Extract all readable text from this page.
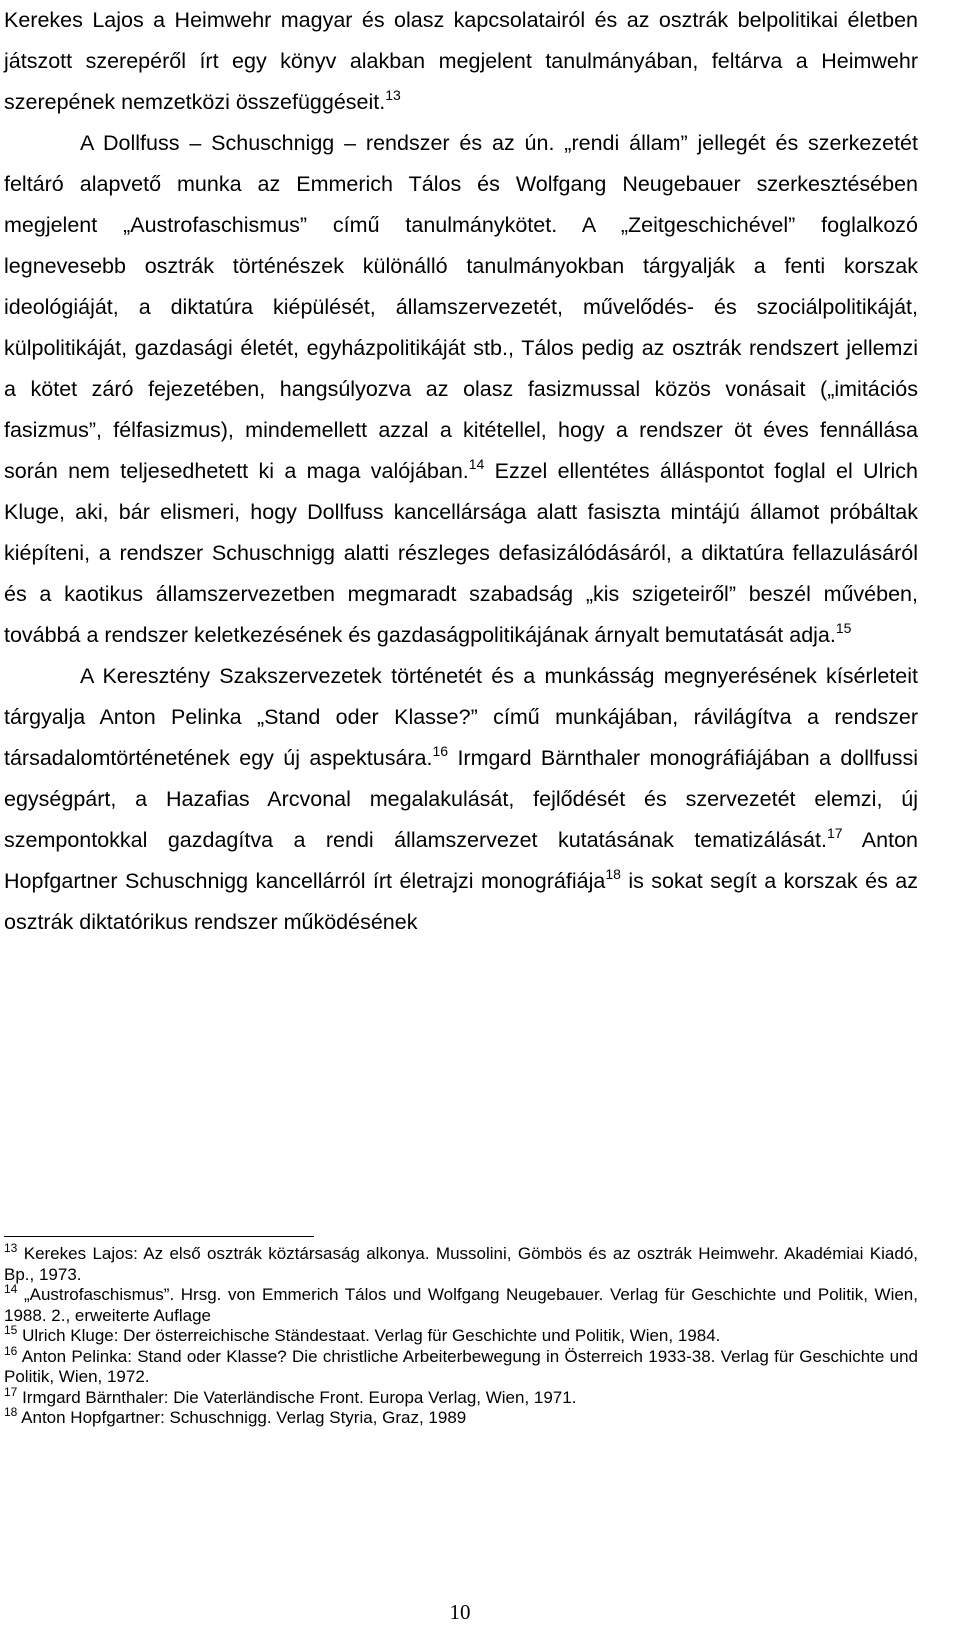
Kerekes Lajos a Heimwehr magyar és olasz kapcsolatairól és az osztrák belpolitikai életben játszott szerepéről írt egy könyv alakban megjelent tanulmányában, feltárva a Heimwehr szerepének nemzetközi összefüggéseit.$^{13}$

A Dollfuss – Schuschnigg – rendszer és az ún. „rendi állam” jellegét és szerkezetét feltáró alapvető munka az Emmerich Tálos és Wolfgang Neugebauer szerkesztésében megjelent „Austrofaschismus” című tanulmánykötet. A „Zeitgeschichével” foglalkozó legnevesebb osztrák történészek különálló tanulmányokban tárgyalják a fenti korszak ideológiáját, a diktatúra kiépülését, államszervezetét, művelődés- és szociálpolitikáját, külpolitikáját, gazdasági életét, egyházpolitikáját stb., Tálos pedig az osztrák rendszert jellemzi a kötet záró fejezetében, hangsúlyozva az olasz fasizmussal közös vonásait („imitációs fasizmus”, félfasizmus), mindemellett azzal a kitétellel, hogy a rendszer öt éves fennállása során nem teljesedhetett ki a maga valójában.$^{14}$ Ezzel ellentétes álláspontot foglal el Ulrich Kluge, aki, bár elismeri, hogy Dollfuss kancellársága alatt fasiszta mintájú államot próbáltak kiépíteni, a rendszer Schuschnigg alatti részleges defasizálódásáról, a diktatúra fellazulásáról és a kaotikus államszervezetben megmaradt szabadság „kis szigeteiről” beszél művében, továbbá a rendszer keletkezésének és gazdaságpolitikájának árnyalt bemutatását adja.$^{15}$

A Keresztény Szakszervezetek történetét és a munkásság megnyerésének kísérleteit tárgyalja Anton Pelinka „Stand oder Klasse?” című munkájában, rávilágítva a rendszer társadalomtörténetének egy új aspektusára.$^{16}$ Irmgard Bärnthaler monográfiájában a dollfussi egységpárt, a Hazafias Arcvonal megalakulását, fejlődését és szervezetét elemzi, új szempontokkal gazdagítva a rendi államszervezet kutatásának tematizálását.$^{17}$ Anton Hopfgartner Schuschnigg kancellárról írt életrajzi monográfiája$^{18}$ is sokat segít a korszak és az osztrák diktatórikus rendszer működésének

$^{13}$ Kerekes Lajos: Az első osztrák köztársaság alkonya. Mussolini, Gömbös és az osztrák Heimwehr. Akadémiai Kiadó, Bp., 1973.

$^{14}$ „Austrofaschismus”. Hrsg. von Emmerich Tálos und Wolfgang Neugebauer. Verlag für Geschichte und Politik, Wien, 1988. 2., erweiterte Auflage

$^{15}$ Ulrich Kluge: Der österreichische Ständestaat. Verlag für Geschichte und Politik, Wien, 1984.

$^{16}$ Anton Pelinka: Stand oder Klasse? Die christliche Arbeiterbewegung in Österreich 1933-38. Verlag für Geschichte und Politik, Wien, 1972.

$^{17}$ Irmgard Bärnthaler: Die Vaterländische Front. Europa Verlag, Wien, 1971.

$^{18}$ Anton Hopfgartner: Schuschnigg. Verlag Styria, Graz, 1989

10
